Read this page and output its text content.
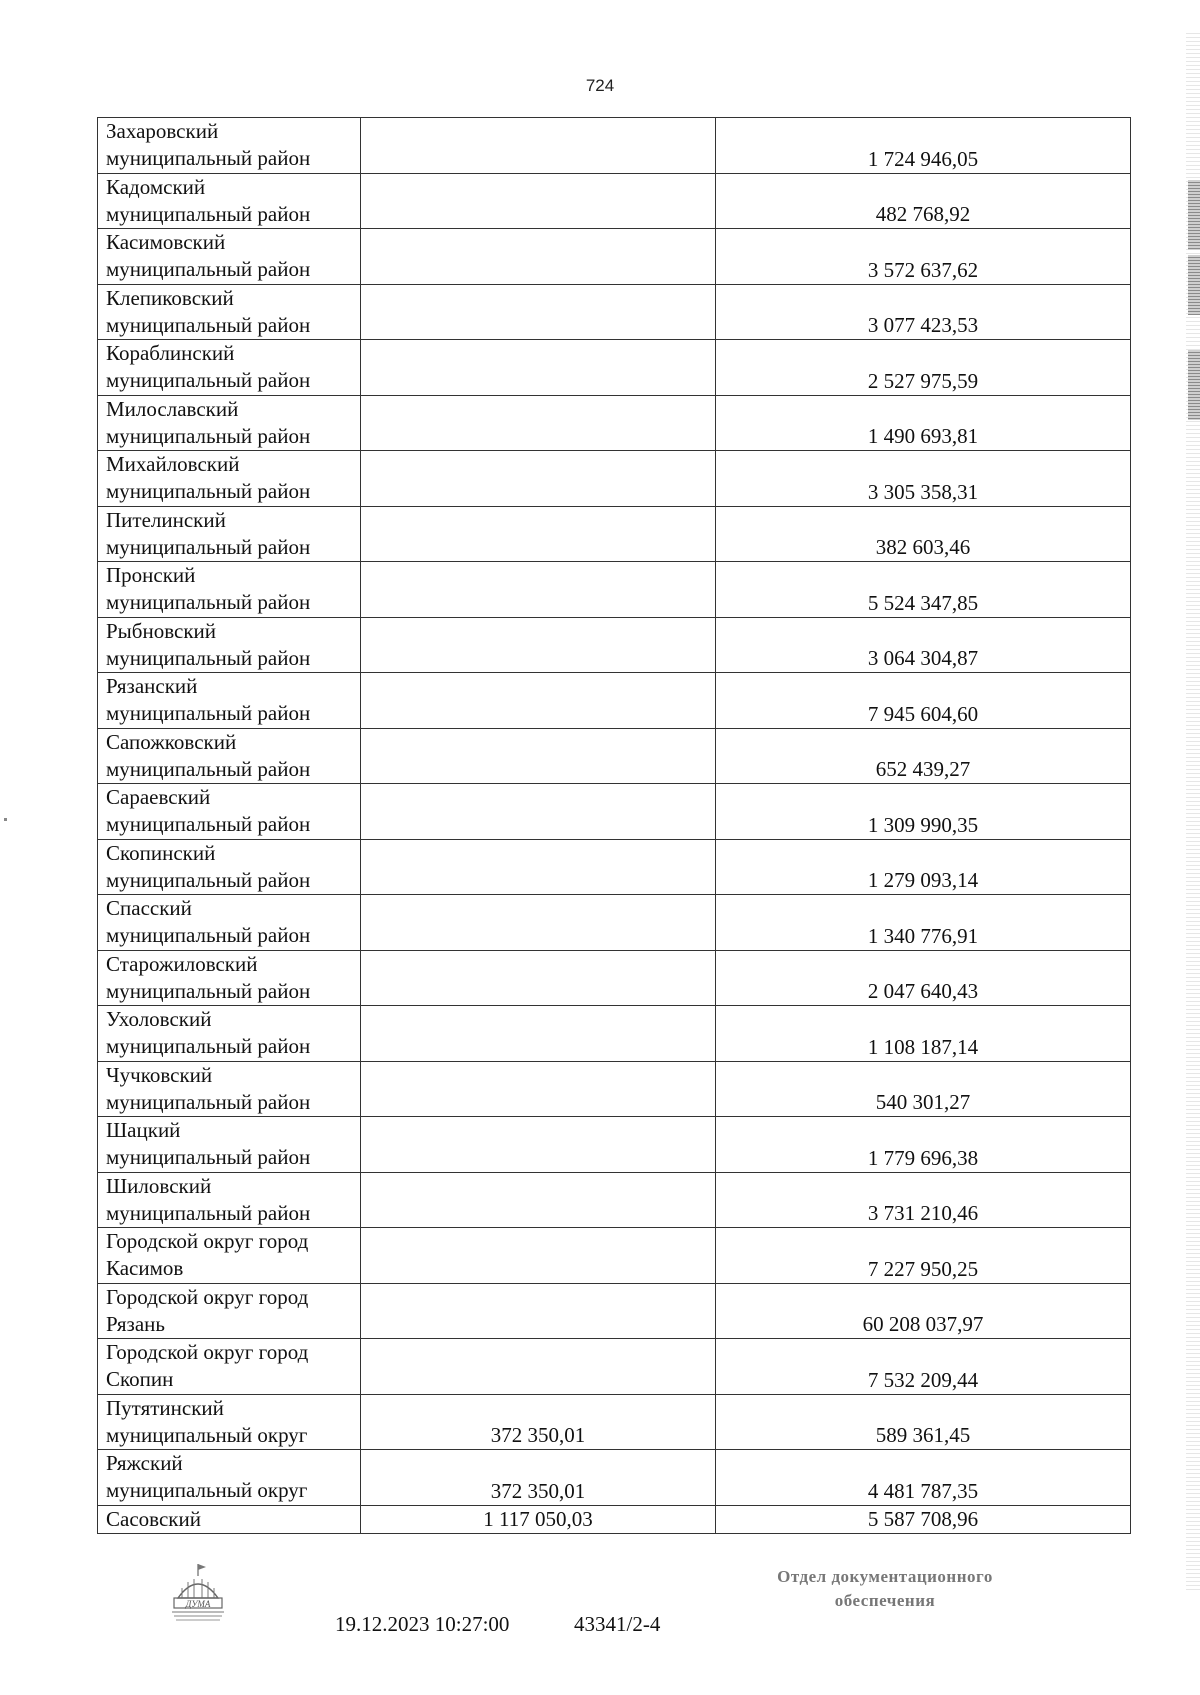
724
Захаровский
муниципальный район		1 724 946,05

Кадомский
муниципальный район		482 768,92

Касимовский
муниципальный район		3 572 637,62

Клепиковский
муниципальный район		3 077 423,53

Кораблинский
муниципальный район		2 527 975,59

Милославский
муниципальный район		1 490 693,81

Михайловский
муниципальный район		3 305 358,31

Пителинский
муниципальный район		382 603,46

Пронский
муниципальный район		5 524 347,85

Рыбновский
муниципальный район		3 064 304,87

Рязанский
муниципальный район		7 945 604,60

Сапожковский
муниципальный район		652 439,27

Сараевский
муниципальный район		1 309 990,35

Скопинский
муниципальный район		1 279 093,14

Спасский
муниципальный район		1 340 776,91

Старожиловский
муниципальный район		2 047 640,43

Ухоловский
муниципальный район		1 108 187,14

Чучковский
муниципальный район		540 301,27

Шацкий
муниципальный район		1 779 696,38

Шиловский
муниципальный район		3 731 210,46

Городской округ город
Касимов		7 227 950,25

Городской округ город
Рязань		60 208 037,97

Городской округ город
Скопин		7 532 209,44

Путятинский
муниципальный округ	372 350,01	589 361,45

Ряжский
муниципальный округ	372 350,01	4 481 787,35

Сасовский	1 117 050,03	5 587 708,96
ДУМА
19.12.2023 10:27:00	43341/2-4
Отдел документационного
обеспечения
